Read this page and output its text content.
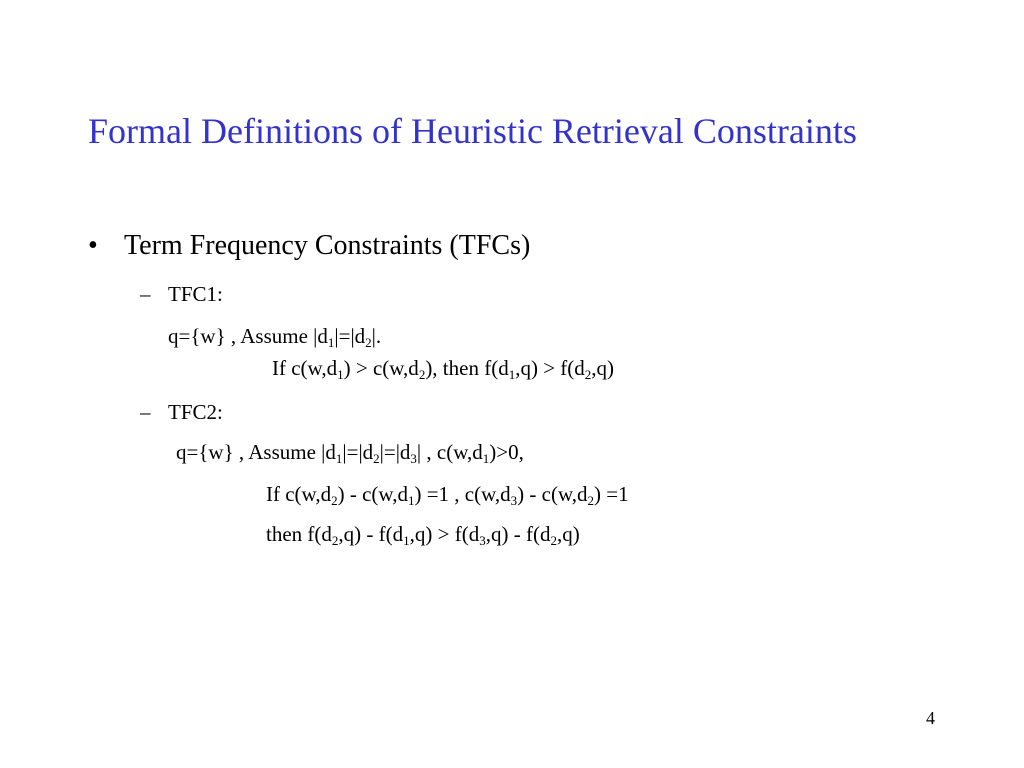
Formal Definitions of Heuristic Retrieval Constraints
• Term Frequency Constraints (TFCs)
– TFC1:
q={w} , Assume $|d_1|=|d_2|$.
If $c(w,d_1) > c(w,d_2)$, then $f(d_1,q) > f(d_2,q)$
– TFC2:
q={w} , Assume $|d_1|=|d_2|=|d_3|$ , $c(w,d_1)>0$,
If $c(w,d_2) - c(w,d_1) =1$ , $c(w,d_3) - c(w,d_2) =1$
then $f(d_2,q) - f(d_1,q) > f(d_3,q) - f(d_2,q)$
4
